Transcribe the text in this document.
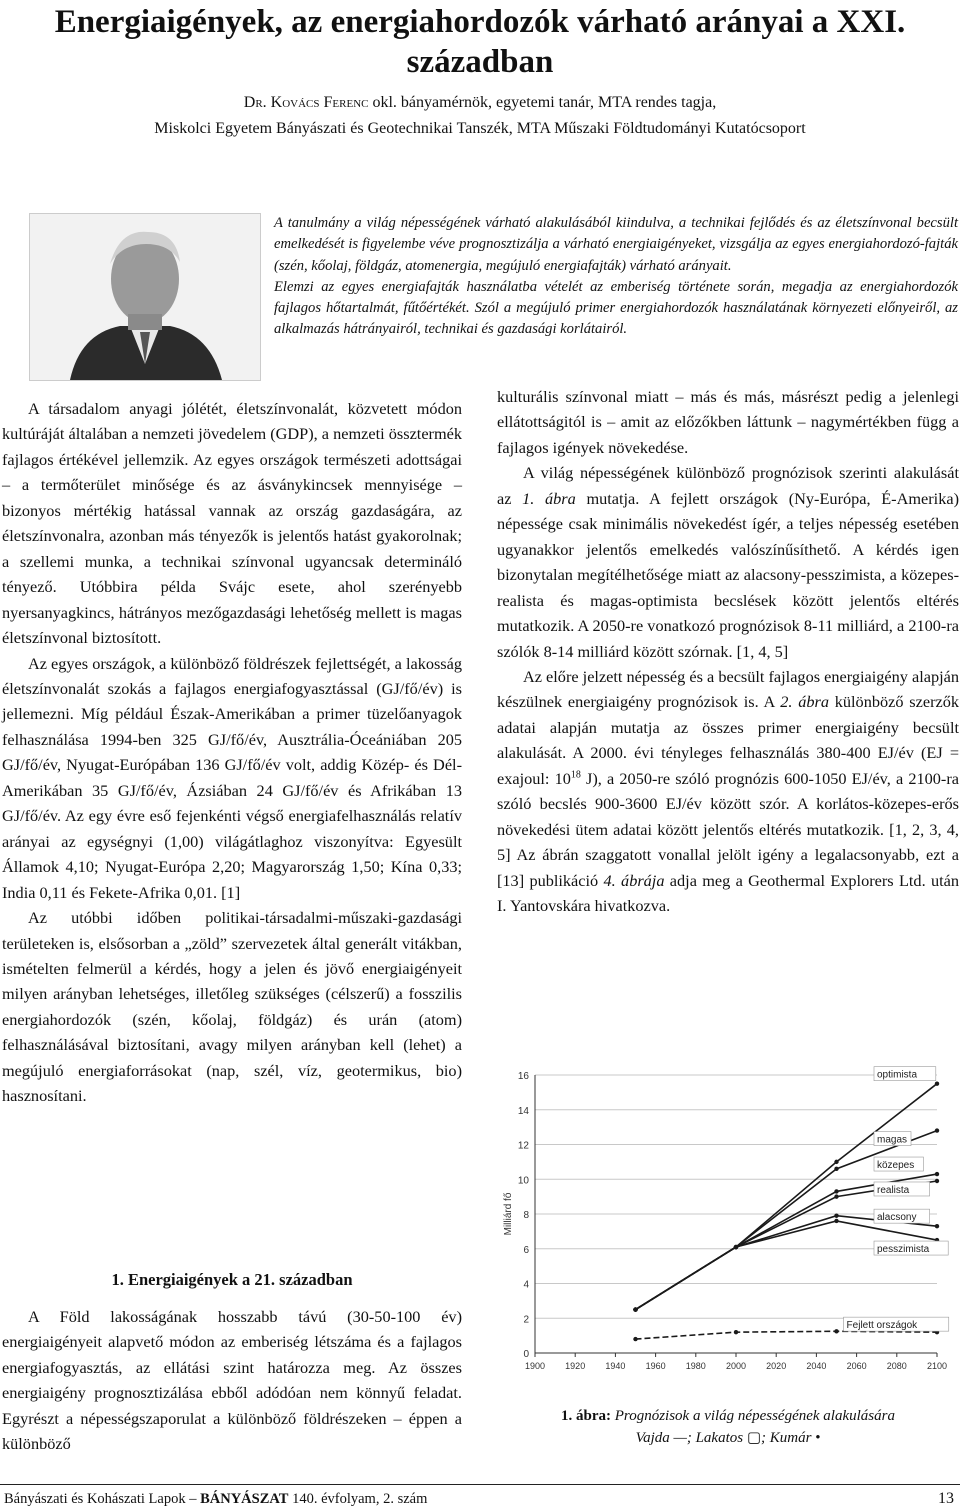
Energiaigények, az energiahordozók várható arányai a XXI. században
Dr. Kovács Ferenc okl. bányamérnök, egyetemi tanár, MTA rendes tagja,
Miskolci Egyetem Bányászati és Geotechnikai Tanszék, MTA Műszaki Földtudományi Kutatócsoport

A tanulmány a világ népességének várható alakulásából kiindulva, a technikai fejlődés és az életszínvonal becsült emelkedését is figyelembe véve prognosztizálja a várható energiaigényeket, vizsgálja az egyes energiahordozó-fajták (szén, kőolaj, földgáz, atomenergia, megújuló energiafajták) várható arányait.

Elemzi az egyes energiafajták használatba vételét az emberiség története során, megadja az energiahordozók fajlagos hőtartalmát, fűtőértékét. Szól a megújuló primer energiahordozók használatának környezeti előnyeiről, az alkalmazás hátrányairól, technikai és gazdasági korlátairól.

A társadalom anyagi jólétét, életszínvonalát, közvetett módon kultúráját általában a nemzeti jövedelem (GDP), a nemzeti össztermék fajlagos értékével jellemzik. Az egyes országok természeti adottságai – a termőterület minősége és az ásványkincsek mennyisége – bizonyos mértékig hatással vannak az ország gazdaságára, az életszínvonalra, azonban más tényezők is jelentős hatást gyakorolnak; a szellemi munka, a technikai színvonal ugyancsak determináló tényező. Utóbbira példa Svájc esete, ahol szerényebb nyersanyagkincs, hátrányos mezőgazdasági lehetőség mellett is magas életszínvonal biztosított.

Az egyes országok, a különböző földrészek fejlettségét, a lakosság életszínvonalát szokás a fajlagos energiafogyasztással (GJ/fő/év) is jellemezni. Míg például Észak-Amerikában a primer tüzelőanyagok felhasználása 1994-ben 325 GJ/fő/év, Ausztrália-Óceániában 205 GJ/fő/év, Nyugat-Európában 136 GJ/fő/év volt, addig Közép- és Dél-Amerikában 35 GJ/fő/év, Ázsiában 24 GJ/fő/év és Afrikában 13 GJ/fő/év. Az egy évre eső fejenkénti végső energiafelhasználás relatív arányai az egységnyi (1,00) világátlaghoz viszonyítva: Egyesült Államok 4,10; Nyugat-Európa 2,20; Magyarország 1,50; Kína 0,33; India 0,11 és Fekete-Afrika 0,01. [1]

Az utóbbi időben politikai-társadalmi-műszaki-gazdasági területeken is, elsősorban a „zöld” szervezetek által generált vitákban, ismételten felmerül a kérdés, hogy a jelen és jövő energiaigényeit milyen arányban lehetséges, illetőleg szükséges (célszerű) a fosszilis energiahordozók (szén, kőolaj, földgáz) és urán (atom) felhasználásával biztosítani, avagy milyen arányban kell (lehet) a megújuló energiaforrásokat (nap, szél, víz, geotermikus, bio) hasznosítani.

1. Energiaigények a 21. században

A Föld lakosságának hosszabb távú (30-50-100 év) energiaigényeit alapvető módon az emberiség létszáma és a fajlagos energiafogyasztás, az ellátási szint határozza meg. Az összes energiaigény prognosztizálása ebből adódóan nem könnyű feladat. Egyrészt a népességszaporulat a különböző földrészeken – éppen a különböző

kulturális színvonal miatt – más és más, másrészt pedig a jelenlegi ellátottságitól is – amit az előzőkben láttunk – nagymértékben függ a fajlagos igények növekedése.

A világ népességének különböző prognózisok szerinti alakulását az 1. ábra mutatja. A fejlett országok (Ny-Európa, É-Amerika) népessége csak minimális növekedést ígér, a teljes népesség esetében ugyanakkor jelentős emelkedés valószínűsíthető. A kérdés igen bizonytalan megítélhetősége miatt az alacsony-pesszimista, a közepes-realista és magas-optimista becslések között jelentős eltérés mutatkozik. A 2050-re vonatkozó prognózisok 8-11 milliárd, a 2100-ra szólók 8-14 milliárd között szórnak. [1, 4, 5]

Az előre jelzett népesség és a becsült fajlagos energiaigény alapján készülnek energiaigény prognózisok is. A 2. ábra különböző szerzők adatai alapján mutatja az összes primer energiaigény becsült alakulását. A 2000. évi tényleges felhasználás 380-400 EJ/év (EJ = exajoul: $10^{18}$ J), a 2050-re szóló prognózis 600-1050 EJ/év, a 2100-ra szóló becslés 900-3600 EJ/év között szór. A korlátos-közepes-erős növekedési ütem adatai között jelentős eltérés mutatkozik. [1, 2, 3, 4, 5] Az ábrán szaggatott vonallal jelölt igény a legalacsonyabb, ezt a [13] publikáció 4. ábrája adja meg a Geothermal Explorers Ltd. után I. Yantovskára hivatkozva.

0
2
4
6
8
10
12
14
16
1900 1920 1940 1960 1980 2000 2020 2040 2060 2080 2100
Milliárd fő
optimista
magas
közepes
realista
alacsony
pesszimista
Fejlett országok
1. ábra: Prognózisok a világ népességének alakulására
Vajda —; Lakatos ▢; Kumár •
Bányászati és Kohászati Lapok – BÁNYÁSZAT 140. évfolyam, 2. szám	13
